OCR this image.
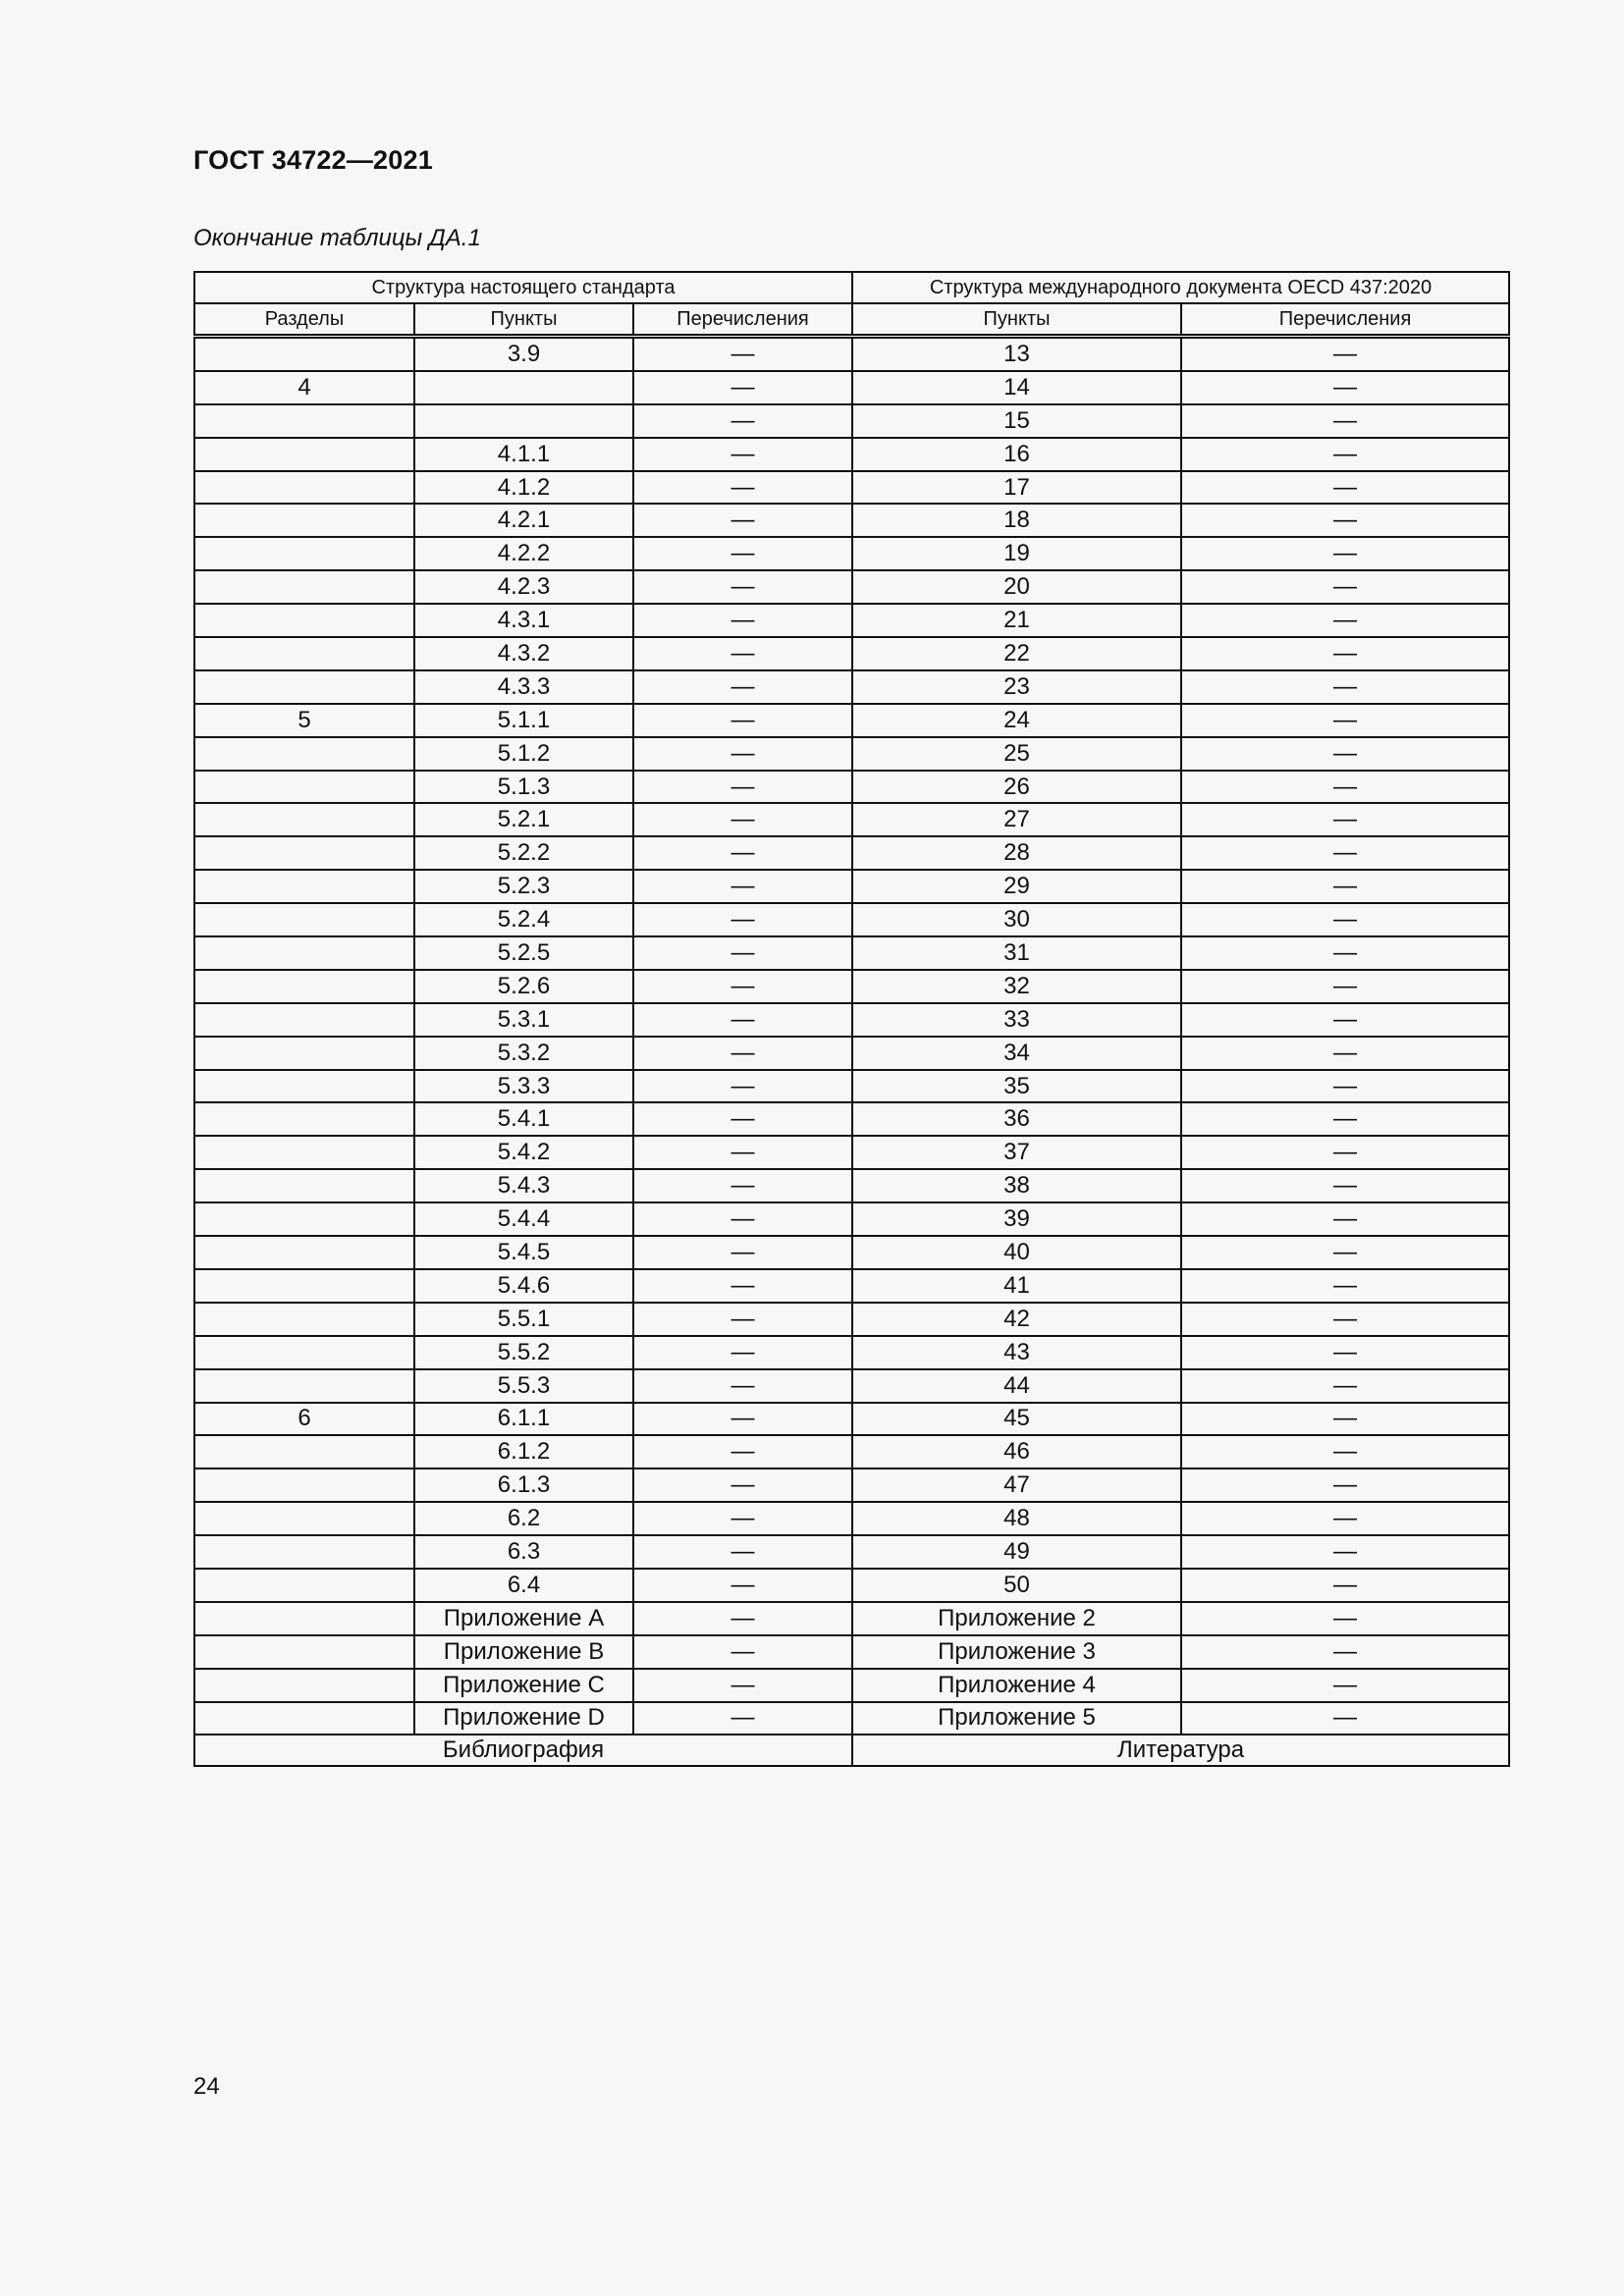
ГОСТ 34722—2021
Окончание таблицы ДА.1
Структура настоящего стандарта			Структура международного документа OECD 437:2020	
Разделы	Пункты	Перечисления	Пункты	Перечисления
	3.9	—	13	—
4		—	14	—
		—	15	—
	4.1.1	—	16	—
	4.1.2	—	17	—
	4.2.1	—	18	—
	4.2.2	—	19	—
	4.2.3	—	20	—
	4.3.1	—	21	—
	4.3.2	—	22	—
	4.3.3	—	23	—
5	5.1.1	—	24	—
	5.1.2	—	25	—
	5.1.3	—	26	—
	5.2.1	—	27	—
	5.2.2	—	28	—
	5.2.3	—	29	—
	5.2.4	—	30	—
	5.2.5	—	31	—
	5.2.6	—	32	—
	5.3.1	—	33	—
	5.3.2	—	34	—
	5.3.3	—	35	—
	5.4.1	—	36	—
	5.4.2	—	37	—
	5.4.3	—	38	—
	5.4.4	—	39	—
	5.4.5	—	40	—
	5.4.6	—	41	—
	5.5.1	—	42	—
	5.5.2	—	43	—
	5.5.3	—	44	—
6	6.1.1	—	45	—
	6.1.2	—	46	—
	6.1.3	—	47	—
	6.2	—	48	—
	6.3	—	49	—
	6.4	—	50	—
	Приложение A	—	Приложение 2	—
	Приложение B	—	Приложение 3	—
	Приложение C	—	Приложение 4	—
	Приложение D	—	Приложение 5	—
Библиография			Литература	
24
